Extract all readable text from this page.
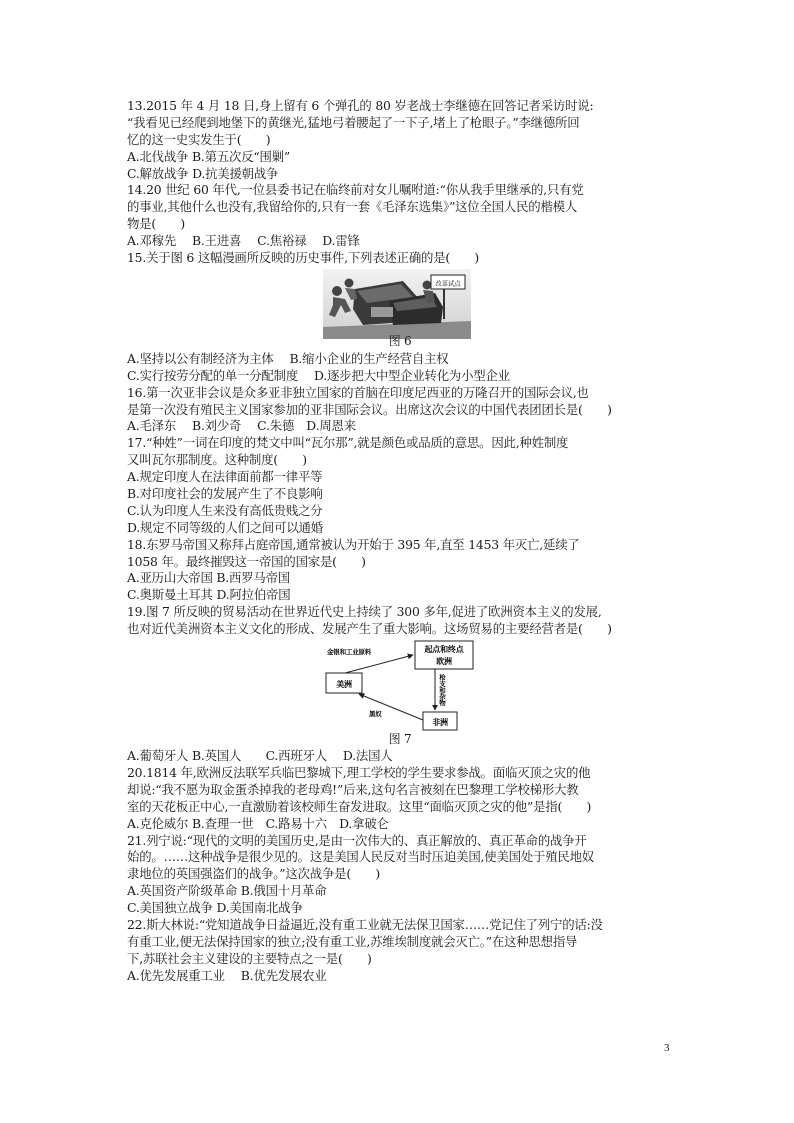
13.2015 年 4 月 18 日,身上留有 6 个弹孔的 80 岁老战士李继德在回答记者采访时说:
“我看见已经爬到地堡下的黄继光,猛地弓着腰起了一下子,堵上了枪眼子。”李继德所回
忆的这一史实发生于(　　)
A.北伐战争 B.第五次反“围剿”
C.解放战争 D.抗美援朝战争
14.20 世纪 60 年代,一位县委书记在临终前对女儿嘱咐道:“你从我手里继承的,只有党
的事业,其他什么也没有,我留给你的,只有一套《毛泽东选集》”这位全国人民的楷模人
物是(　　)
A.邓稼先　 B.王进喜　 C.焦裕禄　 D.雷锋
15.关于图 6 这幅漫画所反映的历史事件,下列表述正确的是(　　)
改革试点
图 6
A.坚持以公有制经济为主体　 B.缩小企业的生产经营自主权
C.实行按劳分配的单一分配制度　 D.逐步把大中型企业转化为小型企业
16.第一次亚非会议是众多亚非独立国家的首脑在印度尼西亚的万隆召开的国际会议,也
是第一次没有殖民主义国家参加的亚非国际会议。出席这次会议的中国代表团团长是(　　)
A.毛泽东　 B.刘少奇　 C.朱德　D.周恩来
17.“种姓”一词在印度的梵文中叫“瓦尔那”,就是颜色或品质的意思。因此,种姓制度
又叫瓦尔那制度。这种制度(　　)
A.规定印度人在法律面前都一律平等
B.对印度社会的发展产生了不良影响
C.认为印度人生来没有高低贵贱之分
D.规定不同等级的人们之间可以通婚
18.东罗马帝国又称拜占庭帝国,通常被认为开始于 395 年,直至 1453 年灭亡,延续了
1058 年。最终摧毁这一帝国的国家是(　　)
A.亚历山大帝国 B.西罗马帝国
C.奥斯曼土耳其 D.阿拉伯帝国
19.图 7 所反映的贸易活动在世界近代史上持续了 300 多年,促进了欧洲资本主义的发展,
也对近代美洲资本主义文化的形成、发展产生了重大影响。这场贸易的主要经营者是(　　)
起点和终点
欧洲
美洲
非洲
金银和工业原料
枪支和杂物
黑奴
图 7
A.葡萄牙人 B.英国人　　C.西班牙人　 D.法国人
20.1814 年,欧洲反法联军兵临巴黎城下,理工学校的学生要求参战。面临灭顶之灾的他
却说:“我不愿为取金蛋杀掉我的老母鸡!”后来,这句名言被刻在巴黎理工学校梯形大教
室的天花板正中心,一直激励着该校师生奋发进取。这里“面临灭顶之灾的他”是指(　　)
A.克伦威尔 B.查理一世　C.路易十六　D.拿破仑
21.列宁说:“现代的文明的美国历史,是由一次伟大的、真正解放的、真正革命的战争开
始的。……这种战争是很少见的。这是美国人民反对当时压迫美国,使美国处于殖民地奴
隶地位的英国强盗们的战争。”这次战争是(　　)
A.英国资产阶级革命 B.俄国十月革命
C.美国独立战争 D.美国南北战争
22.斯大林说:“党知道战争日益逼近,没有重工业就无法保卫国家……党记住了列宁的话:没
有重工业,便无法保持国家的独立;没有重工业,苏维埃制度就会灭亡。”在这种思想指导
下,苏联社会主义建设的主要特点之一是(　　)
A.优先发展重工业　 B.优先发展农业
3
